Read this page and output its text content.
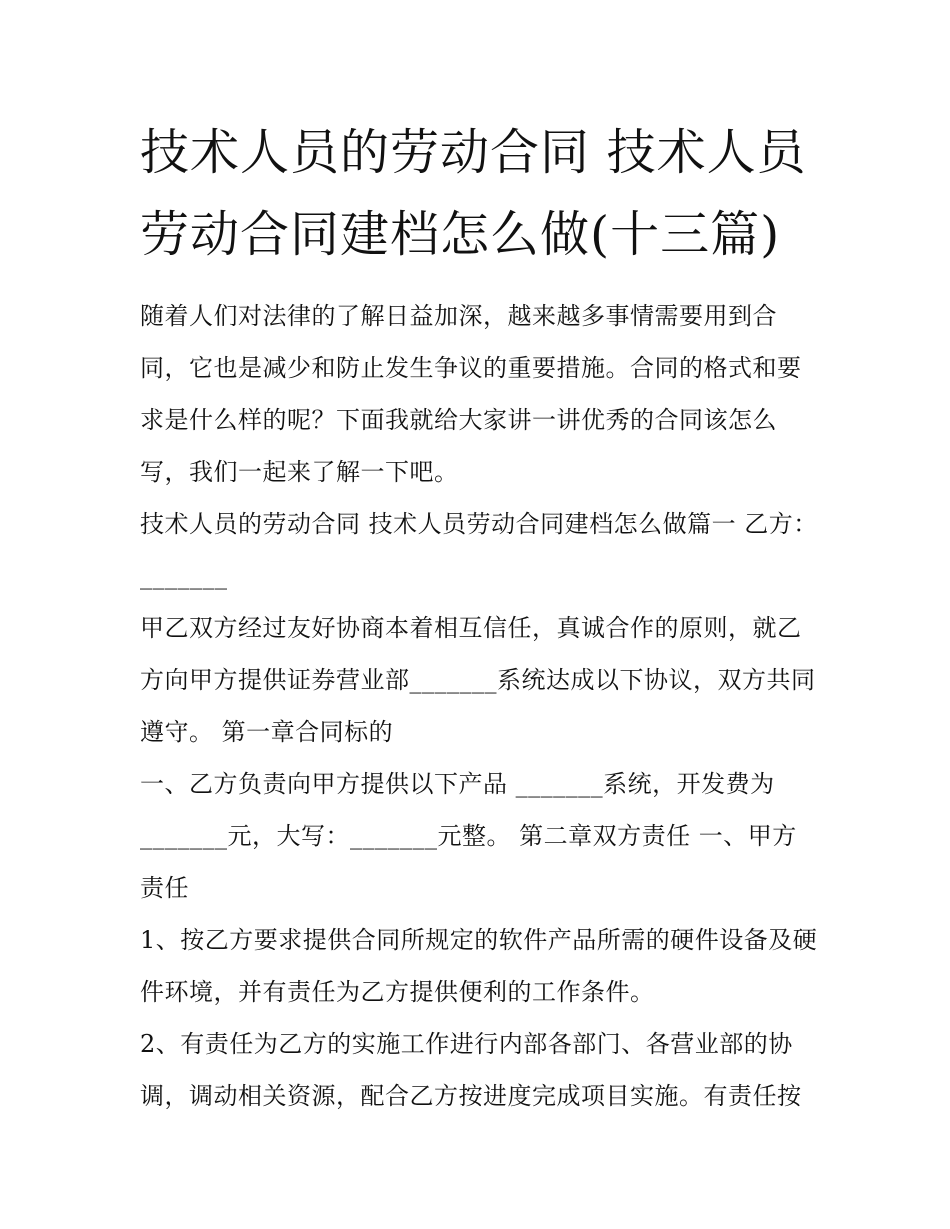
技术人员的劳动合同 技术人员劳动合同建档怎么做(十三篇)

随着人们对法律的了解日益加深，越来越多事情需要用到合同，它也是减少和防止发生争议的重要措施。合同的格式和要求是什么样的呢？下面我就给大家讲一讲优秀的合同该怎么写，我们一起来了解一下吧。

技术人员的劳动合同 技术人员劳动合同建档怎么做篇一 乙方：_______

甲乙双方经过友好协商本着相互信任，真诚合作的原则，就乙方向甲方提供证券营业部_______系统达成以下协议，双方共同遵守。 第一章合同标的

一、乙方负责向甲方提供以下产品 _______系统，开发费为_______元，大写：_______元整。 第二章双方责任 一、甲方责任

1、按乙方要求提供合同所规定的软件产品所需的硬件设备及硬件环境，并有责任为乙方提供便利的工作条件。

2、有责任为乙方的实施工作进行内部各部门、各营业部的协调，调动相关资源，配合乙方按进度完成项目实施。有责任按
